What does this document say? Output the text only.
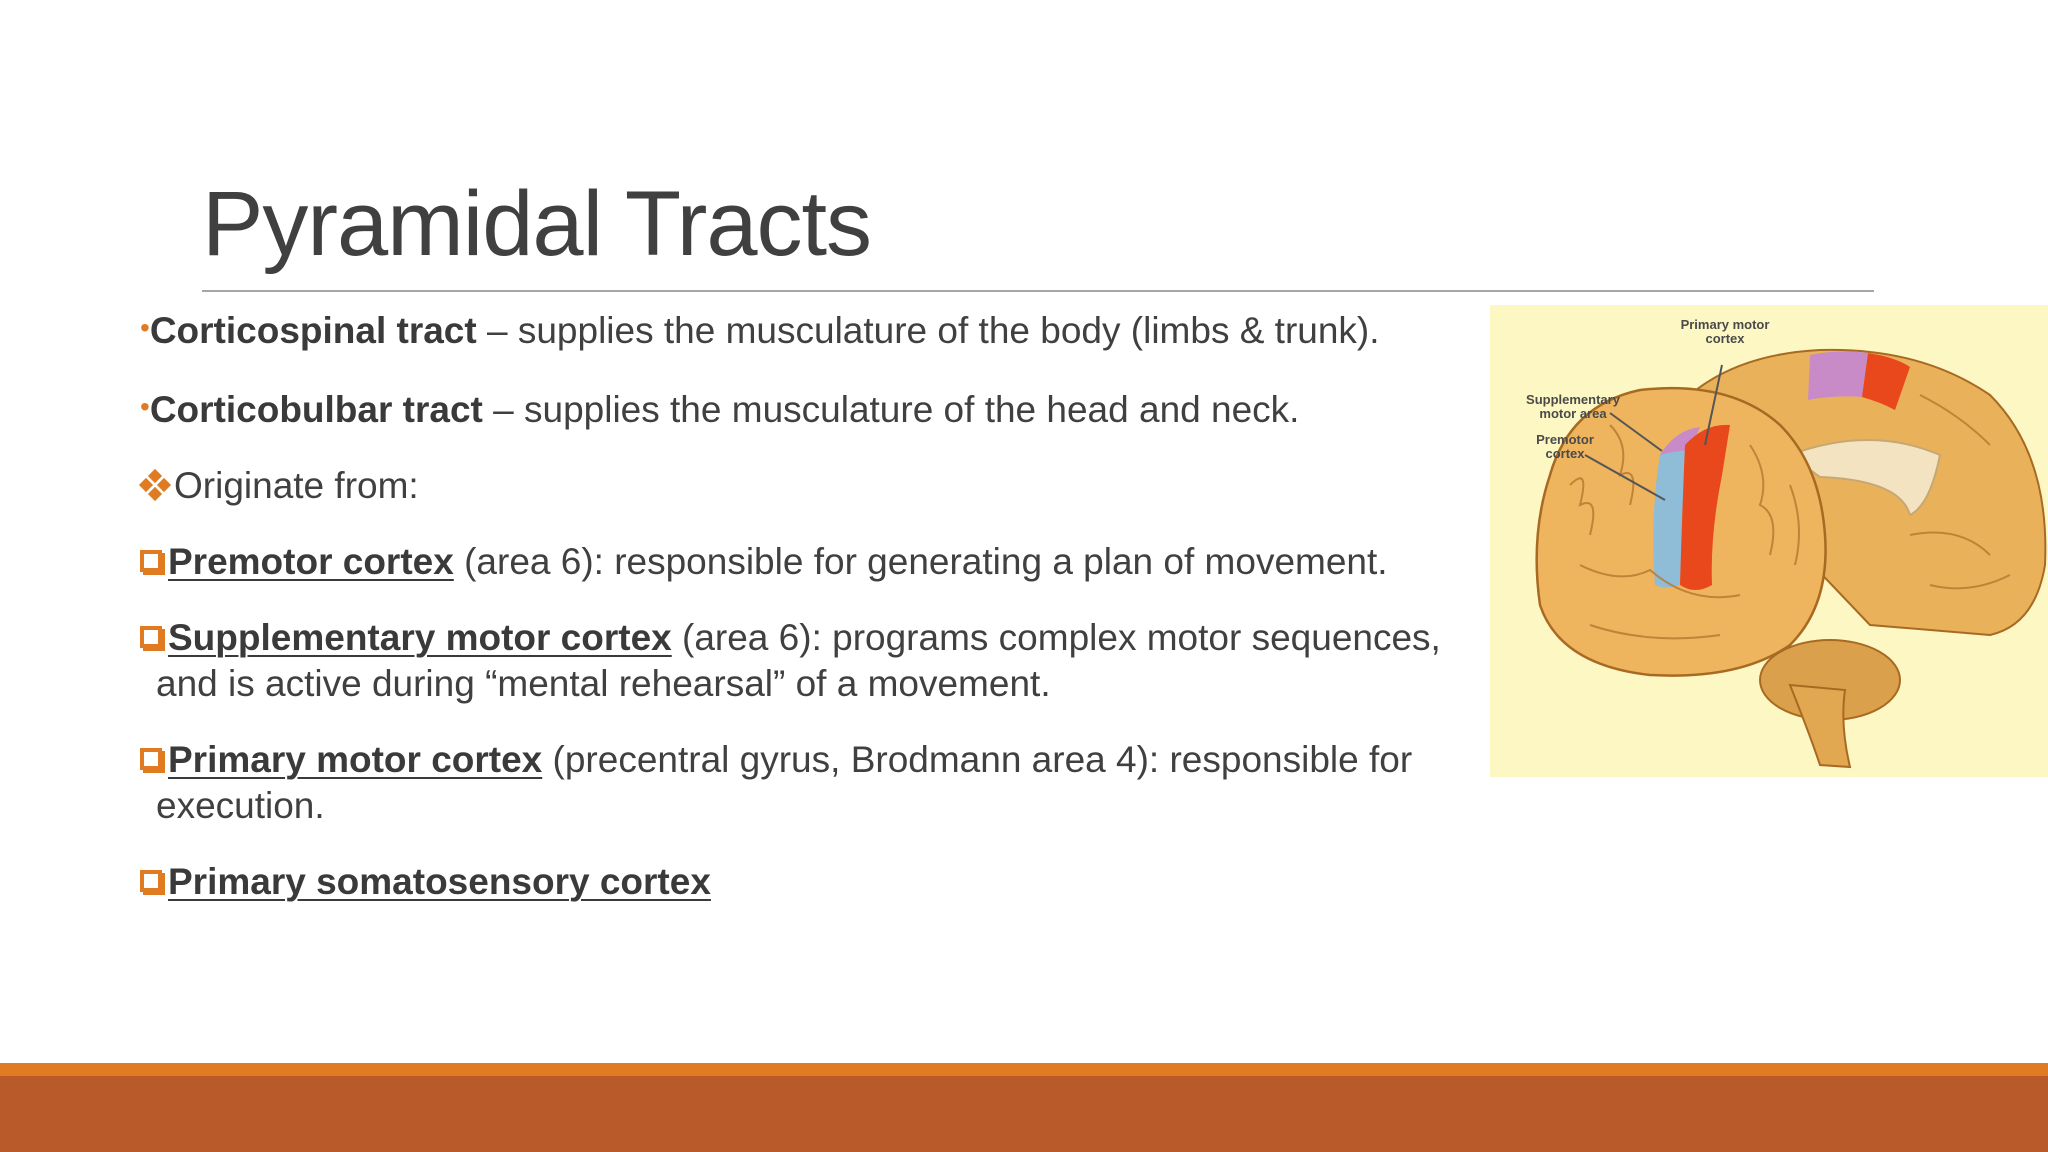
Pyramidal Tracts
•Corticospinal tract – supplies the musculature of the body (limbs & trunk).
•Corticobulbar tract – supplies the musculature of the head and neck.
Originate from:
Premotor cortex (area 6): responsible for generating a plan of movement.
Supplementary motor cortex (area 6): programs complex motor sequences,
and is active during “mental rehearsal” of a movement.
Primary motor cortex (precentral gyrus, Brodmann area 4): responsible for
execution.
Primary somatosensory cortex
Primary motor
cortex
Supplementary
motor area
Premotor
cortex
